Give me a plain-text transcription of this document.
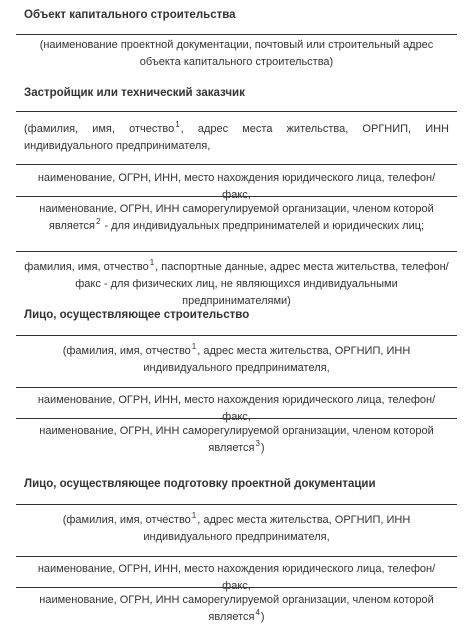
Объект капитального строительства
(наименование проектной документации, почтовый или строительный адрес объекта капитального строительства)
Застройщик или технический заказчик
(фамилия, имя, отчество$^1$, адрес места жительства, ОРГНИП, ИНН
индивидуального предпринимателя,
наименование, ОГРН, ИНН, место нахождения юридического лица, телефон/факс,
наименование, ОГРН, ИНН саморегулируемой организации, членом которой
является$^2$ - для индивидуальных предпринимателей и юридических лиц;
фамилия, имя, отчество$^1$, паспортные данные, адрес места жительства, телефон/
факс - для физических лиц, не являющихся индивидуальными предпринимателями)
Лицо, осуществляющее строительство
(фамилия, имя, отчество$^1$, адрес места жительства, ОРГНИП, ИНН
индивидуального предпринимателя,
наименование, ОГРН, ИНН, место нахождения юридического лица, телефон/факс,
наименование, ОГРН, ИНН саморегулируемой организации, членом которой
является$^3$)
Лицо, осуществляющее подготовку проектной документации
(фамилия, имя, отчество$^1$, адрес места жительства, ОРГНИП, ИНН
индивидуального предпринимателя,
наименование, ОГРН, ИНН, место нахождения юридического лица, телефон/факс,
наименование, ОГРН, ИНН саморегулируемой организации, членом которой
является$^4$)
